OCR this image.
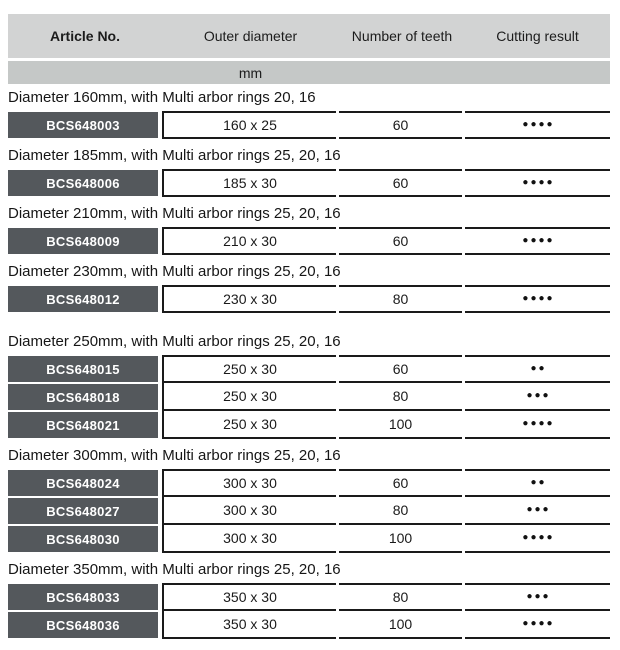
Article No.	Outer diameter	Number of teeth	Cutting result
mm
Diameter 160mm, with Multi arbor rings 20, 16
BCS648003	160 x 25	60	●●●●
Diameter 185mm, with Multi arbor rings 25, 20, 16
BCS648006	185 x 30	60	●●●●
Diameter 210mm, with Multi arbor rings 25, 20, 16
BCS648009	210 x 30	60	●●●●
Diameter 230mm, with Multi arbor rings 25, 20, 16
BCS648012	230 x 30	80	●●●●
Diameter 250mm, with Multi arbor rings 25, 20, 16
BCS648015	250 x 30	60	●●
BCS648018	250 x 30	80	●●●
BCS648021	250 x 30	100	●●●●
Diameter 300mm, with Multi arbor rings 25, 20, 16
BCS648024	300 x 30	60	●●
BCS648027	300 x 30	80	●●●
BCS648030	300 x 30	100	●●●●
Diameter 350mm, with Multi arbor rings 25, 20, 16
BCS648033	350 x 30	80	●●●
BCS648036	350 x 30	100	●●●●
